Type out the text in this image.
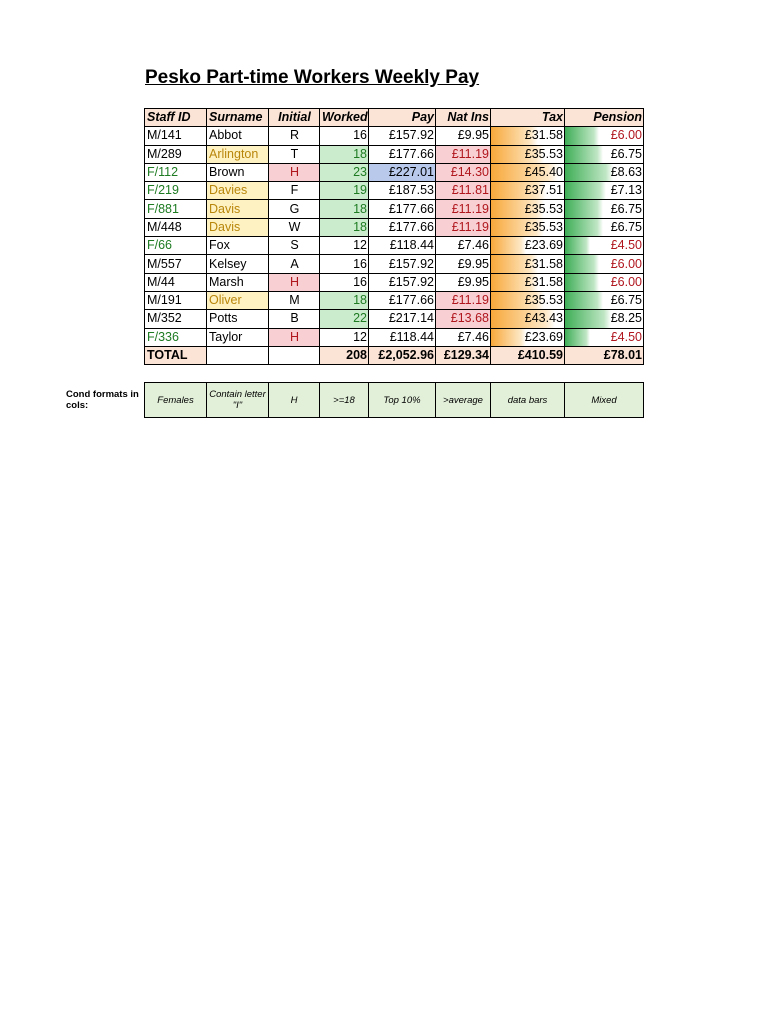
Pesko Part-time Workers Weekly Pay
Staff ID	Surname	Initial	Worked	Pay	Nat Ins	Tax	Pension
M/141	Abbot	R	16	£157.92	£9.95	£31.58	£6.00

M/289	Arlington	T	18	£177.66	£11.19	£35.53	£6.75

F/112	Brown	H	23	£227.01	£14.30	£45.40	£8.63

F/219	Davies	F	19	£187.53	£11.81	£37.51	£7.13

F/881	Davis	G	18	£177.66	£11.19	£35.53	£6.75

M/448	Davis	W	18	£177.66	£11.19	£35.53	£6.75

F/66	Fox	S	12	£118.44	£7.46	£23.69	£4.50

M/557	Kelsey	A	16	£157.92	£9.95	£31.58	£6.00

M/44	Marsh	H	16	£157.92	£9.95	£31.58	£6.00

M/191	Oliver	M	18	£177.66	£11.19	£35.53	£6.75

M/352	Potts	B	22	£217.14	£13.68	£43.43	£8.25

F/336	Taylor	H	12	£118.44	£7.46	£23.69	£4.50

TOTAL			208	£2,052.96	£129.34	£410.59	£78.01
Cond formats in cols:	Females	Contain letter "I"	H	>=18	Top 10%	>average	data bars	Mixed
